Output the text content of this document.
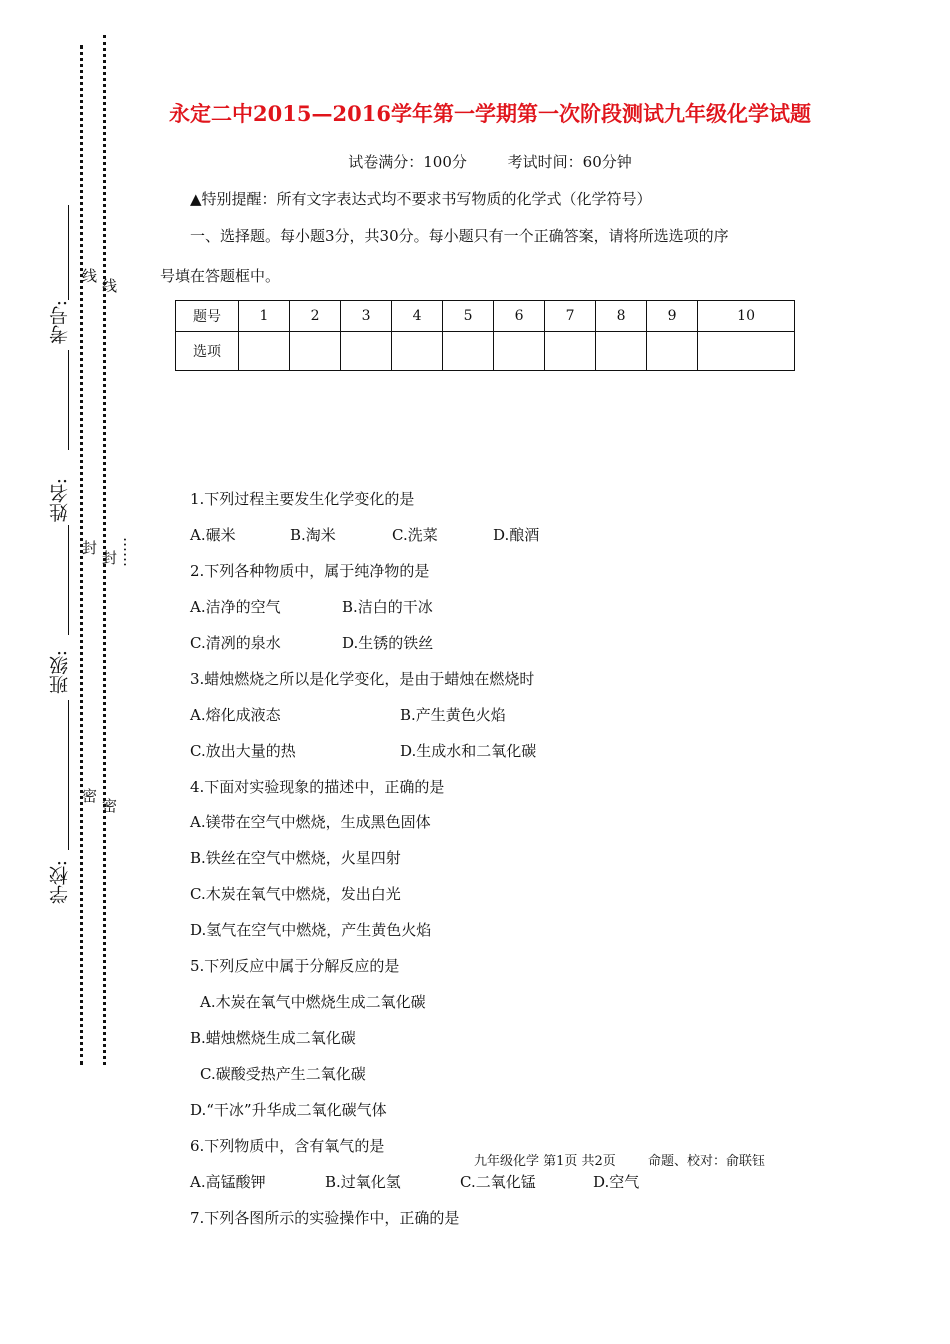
考号:
姓名:
班级:
学校:
线
线
封
封 ……
密
密
永定二中2015—2016学年第一学期第一次阶段测试九年级化学试题
试卷满分：100分	考试时间：60分钟
▲特别提醒：所有文字表达式均不要求书写物质的化学式（化学符号）
一、选择题。每小题3分，共30分。每小题只有一个正确答案，请将所选选项的序
号填在答题框中。
题号	1	2	3	4	5	6	7	8	9	10
选项										
1.下列过程主要发生化学变化的是
A.碾米	B.淘米	C.洗菜	D.酿酒
2.下列各种物质中，属于纯净物的是
A.洁净的空气	B.洁白的干冰
C.清冽的泉水	D.生锈的铁丝
3.蜡烛燃烧之所以是化学变化，是由于蜡烛在燃烧时
A.熔化成液态	B.产生黄色火焰
C.放出大量的热	D.生成水和二氧化碳
4.下面对实验现象的描述中，正确的是
A.镁带在空气中燃烧，生成黑色固体
B.铁丝在空气中燃烧，火星四射
C.木炭在氧气中燃烧，发出白光
D.氢气在空气中燃烧，产生黄色火焰
5.下列反应中属于分解反应的是
A.木炭在氧气中燃烧生成二氧化碳
B.蜡烛燃烧生成二氧化碳
C.碳酸受热产生二氧化碳
D.“干冰”升华成二氧化碳气体
6.下列物质中，含有氧气的是
A.高锰酸钾	B.过氧化氢	C.二氧化锰	D.空气
7.下列各图所示的实验操作中，正确的是
九年级化学 第1页 共2页 命题、校对：俞联钰
